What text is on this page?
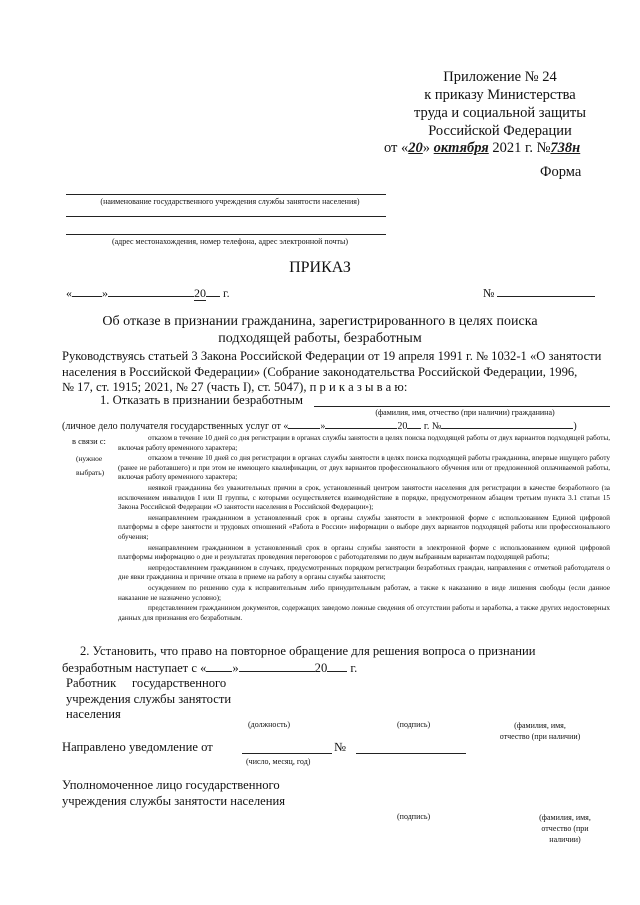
Приложение № 24
к приказу Министерства
труда и социальной защиты
Российской Федерации
от «20» октября 2021 г. №738н
Форма
(наименование государственного учреждения службы занятости населения)
(адрес местонахождения, номер телефона, адрес электронной почты)
ПРИКАЗ
«	»	20 г.	№
Об отказе в признании гражданина, зарегистрированного в целях поиска
подходящей работы, безработным
Руководствуясь статьей 3 Закона Российской Федерации от 19 апреля 1991 г. № 1032-1 «О занятости
населения в Российской Федерации» (Собрание законодательства Российской Федерации, 1996,
№ 17, ст. 1915; 2021, № 27 (часть I), ст. 5047), п р и к а з ы в а ю:
1. Отказать в признании безработным
(фамилия, имя, отчество (при наличии) гражданина)
(личное дело получателя государственных услуг от «	»	20 г. №	)
в связи с:
(нужное
выбрать)
отказом в течение 10 дней со дня регистрации в органах службы занятости в целях поиска подходящей работы от двух вариантов подходящей работы, включая работу временного характера;
отказом в течение 10 дней со дня регистрации в органах службы занятости в целях поиска подходящей работы гражданина, впервые ищущего работу (ранее не работавшего) и при этом не имеющего квалификации, от двух вариантов профессионального обучения или от предложенной оплачиваемой работы, включая работу временного характера;
неявкой гражданина без уважительных причин в срок, установленный центром занятости населения для регистрации в качестве безработного (за исключением инвалидов I или II группы, с которыми осуществляется взаимодействие в порядке, предусмотренном абзацем третьим пункта 3.1 статьи 15 Закона Российской Федерации «О занятости населения в Российской Федерации»);
ненаправлением гражданином в установленный срок в органы службы занятости в электронной форме с использованием Единой цифровой платформы в сфере занятости и трудовых отношений «Работа в России» информации о выборе двух вариантов подходящей работы или профессионального обучения;
ненаправлением гражданином в установленный срок в органы службы занятости в электронной форме с использованием единой цифровой платформы информацию о дне и результатах проведения переговоров с работодателями по двум выбранным вариантам подходящей работы;
непредоставлением гражданином в случаях, предусмотренных порядком регистрации безработных граждан, направления с отметкой работодателя о дне явки гражданина и причине отказа в приеме на работу в органы службы занятости;
осуждением по решению суда к исправительным либо принудительным работам, а также к наказанию в виде лишения свободы (если данное наказание не назначено условно);
представлением гражданином документов, содержащих заведомо ложные сведения об отсутствии работы и заработка, а также других недостоверных данных для признания его безработным.
2. Установить, что право на повторное обращение для решения вопроса о признании
безработным наступает с « »	20 г.
Работник     государственного
учреждения службы занятости
населения
(должность)	(подпись)	(фамилия, имя,
отчество (при наличии)
Направлено уведомление от
(число, месяц, год)
№
Уполномоченное лицо государственного
учреждения службы занятости населения
(подпись)	(фамилия, имя,
отчество (при
наличии)
